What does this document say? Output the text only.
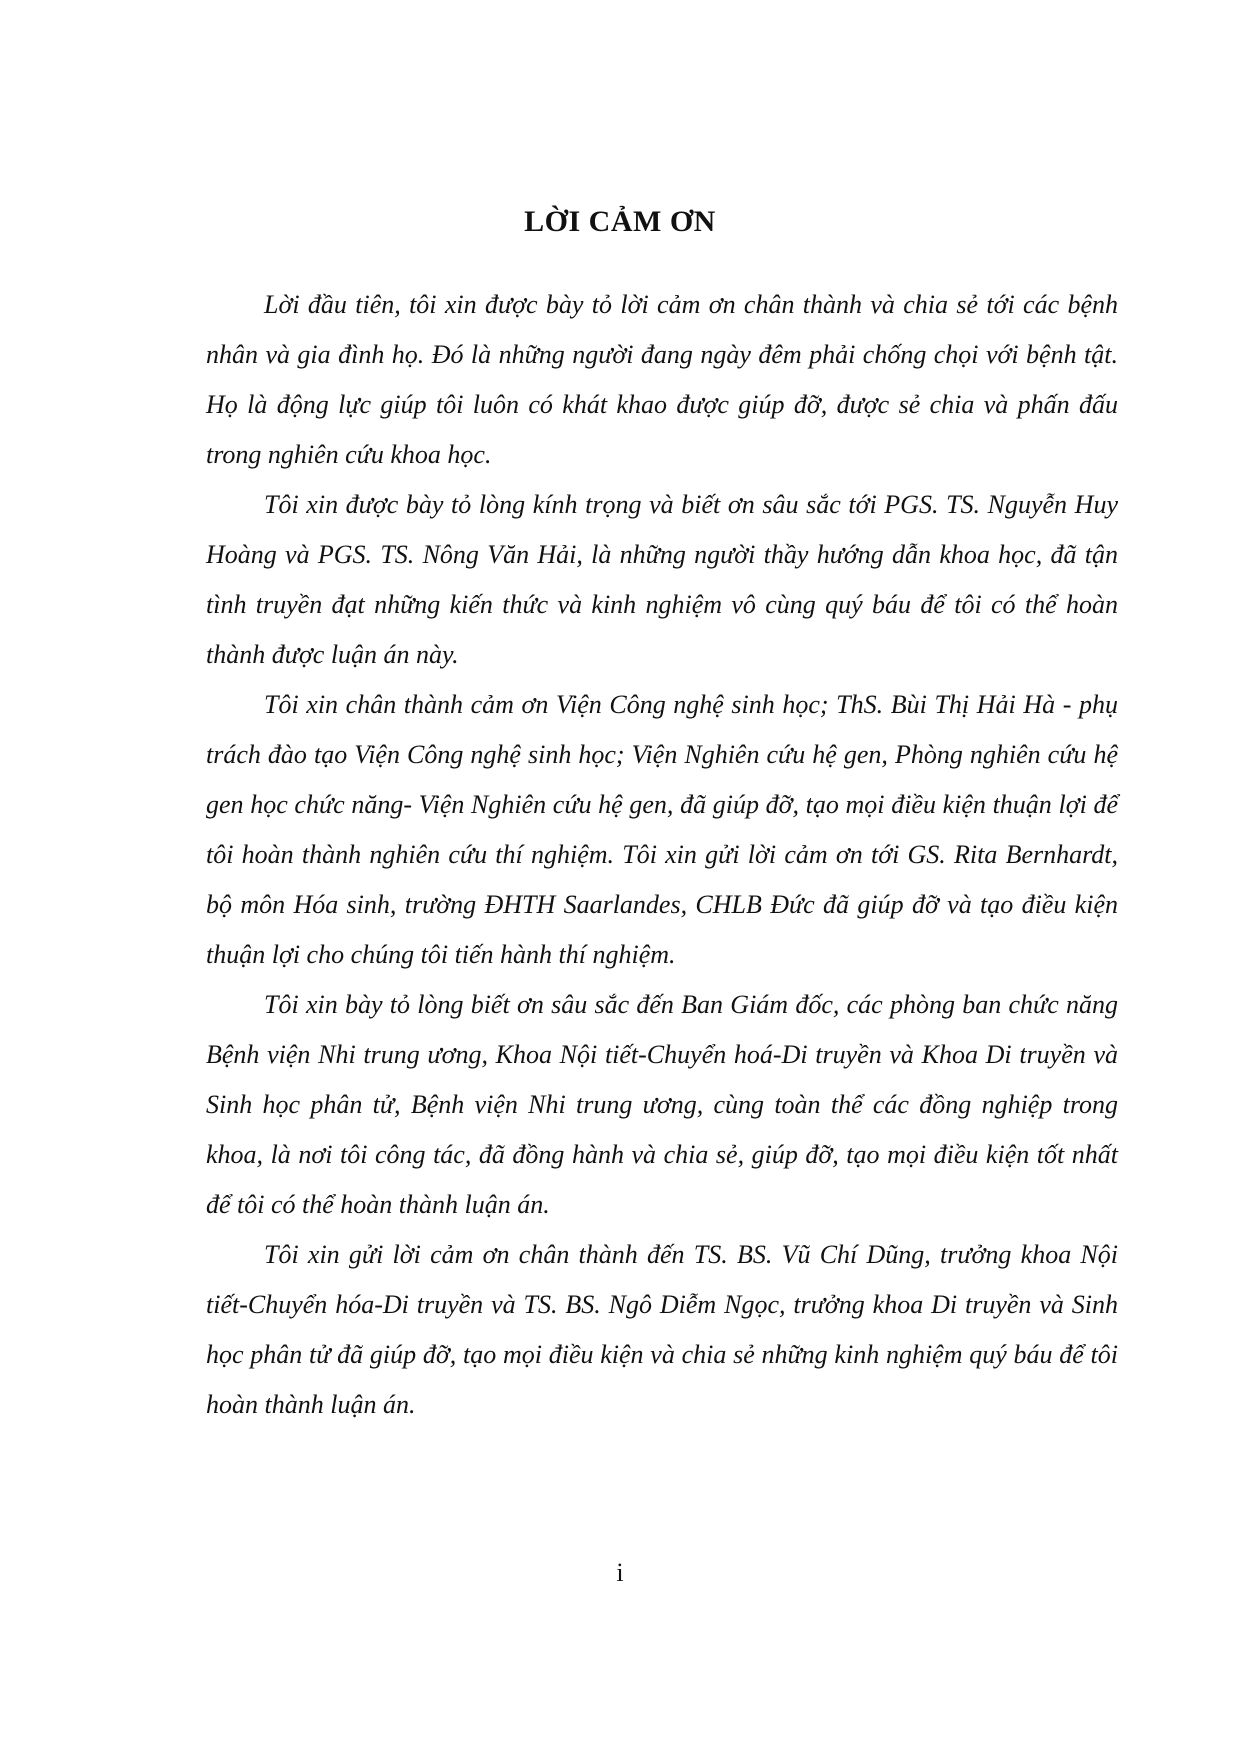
LỜI CẢM ƠN

Lời đầu tiên, tôi xin được bày tỏ lời cảm ơn chân thành và chia sẻ tới các bệnh nhân và gia đình họ. Đó là những người đang ngày đêm phải chống chọi với bệnh tật. Họ là động lực giúp tôi luôn có khát khao được giúp đỡ, được sẻ chia và phấn đấu trong nghiên cứu khoa học.

Tôi xin được bày tỏ lòng kính trọng và biết ơn sâu sắc tới PGS. TS. Nguyễn Huy Hoàng và PGS. TS. Nông Văn Hải, là những người thầy hướng dẫn khoa học, đã tận tình truyền đạt những kiến thức và kinh nghiệm vô cùng quý báu để tôi có thể hoàn thành được luận án này.

Tôi xin chân thành cảm ơn Viện Công nghệ sinh học; ThS. Bùi Thị Hải Hà - phụ trách đào tạo Viện Công nghệ sinh học; Viện Nghiên cứu hệ gen, Phòng nghiên cứu hệ gen học chức năng- Viện Nghiên cứu hệ gen, đã giúp đỡ, tạo mọi điều kiện thuận lợi để tôi hoàn thành nghiên cứu thí nghiệm. Tôi xin gửi lời cảm ơn tới GS. Rita Bernhardt, bộ môn Hóa sinh, trường ĐHTH Saarlandes, CHLB Đức đã giúp đỡ và tạo điều kiện thuận lợi cho chúng tôi tiến hành thí nghiệm.

Tôi xin bày tỏ lòng biết ơn sâu sắc đến Ban Giám đốc, các phòng ban chức năng Bệnh viện Nhi trung ương, Khoa Nội tiết-Chuyển hoá-Di truyền và Khoa Di truyền và Sinh học phân tử, Bệnh viện Nhi trung ương, cùng toàn thể các đồng nghiệp trong khoa, là nơi tôi công tác, đã đồng hành và chia sẻ, giúp đỡ, tạo mọi điều kiện tốt nhất để tôi có thể hoàn thành luận án.

Tôi xin gửi lời cảm ơn chân thành đến TS. BS. Vũ Chí Dũng, trưởng khoa Nội tiết-Chuyển hóa-Di truyền và TS. BS. Ngô Diễm Ngọc, trưởng khoa Di truyền và Sinh học phân tử đã giúp đỡ, tạo mọi điều kiện và chia sẻ những kinh nghiệm quý báu để tôi hoàn thành luận án.

i
